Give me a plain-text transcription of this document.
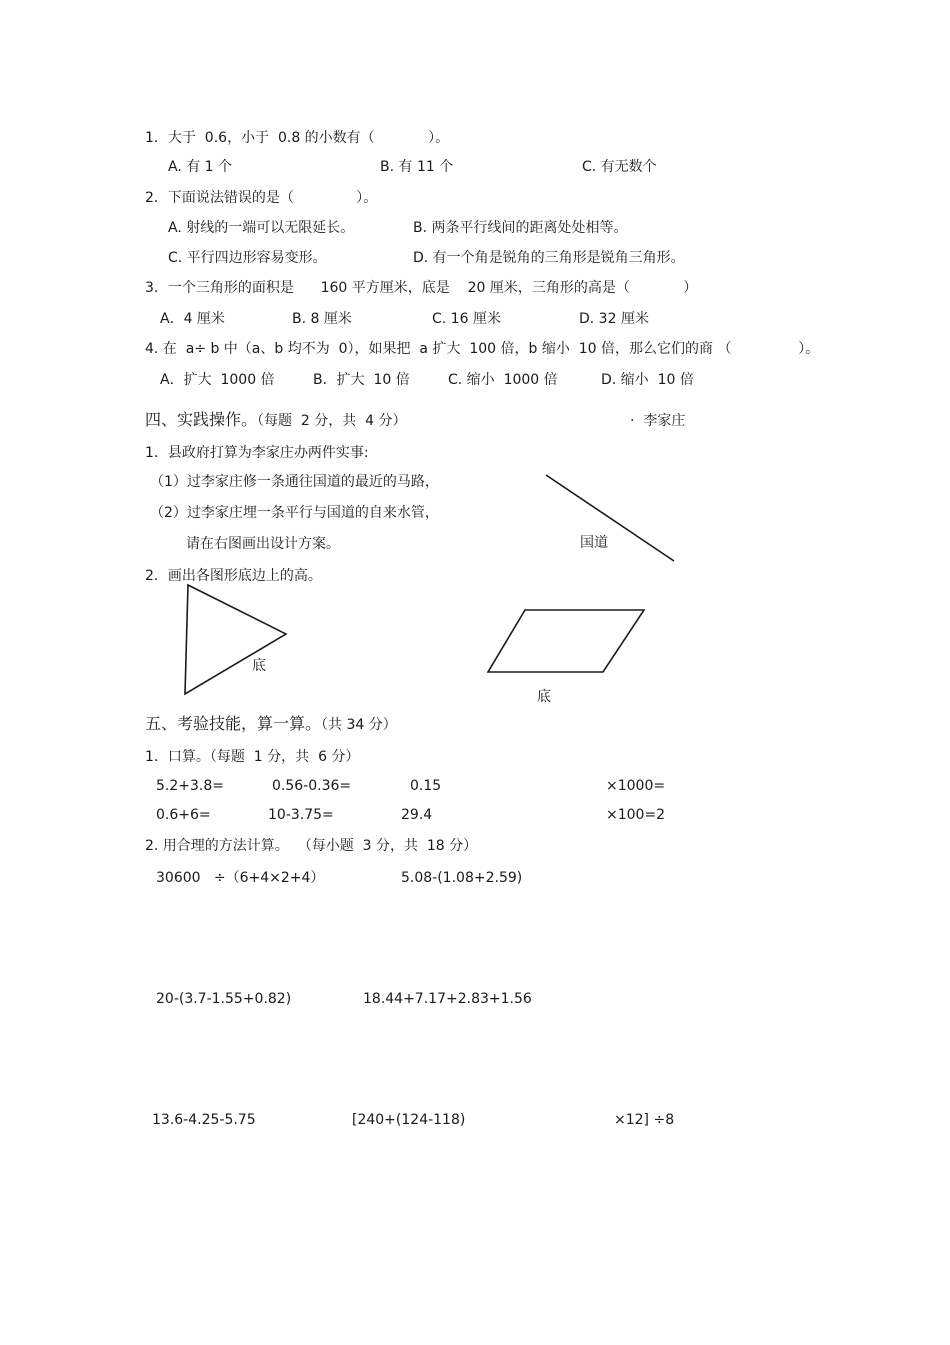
1．大于  0.6，小于  0.8 的小数有（            ）。
A. 有 1 个	B. 有 11 个	C. 有无数个
2．下面说法错误的是（              ）。
A. 射线的一端可以无限延长。	B. 两条平行线间的距离处处相等。
C. 平行四边形容易变形。	D. 有一个角是锐角的三角形是锐角三角形。
3．一个三角形的面积是      160 平方厘米，底是    20 厘米，三角形的高是（            ）
A．4 厘米	B. 8 厘米	C. 16 厘米	D. 32 厘米
4. 在  a÷ b 中（a、b 均不为  0），如果把  a 扩大  100 倍，b 缩小  10 倍，那么它们的商 （               ）。
A．扩大  1000 倍	B．扩大  10 倍	C. 缩小  1000 倍	D. 缩小  10 倍
四、实践操作。（每题  2 分，共  4 分）	·  李家庄
1．县政府打算为李家庄办两件实事:
（1）过李家庄修一条通往国道的最近的马路，
（2）过李家庄埋一条平行与国道的自来水管，
请在右图画出设计方案。	国道
2．画出各图形底边上的高。
底
底
五、考验技能，算一算。（共 34 分）
1．口算。（每题  1 分，共  6 分）
5.2+3.8=	0.56-0.36=	0.15	×1000=
0.6+6=	10-3.75=	29.4	×100=2
2. 用合理的方法计算。  （每小题  3 分，共  18 分）
30600   ÷（6+4×2+4）	5.08-(1.08+2.59)
20-(3.7-1.55+0.82)	18.44+7.17+2.83+1.56
13.6-4.25-5.75	[240+(124-118)	×12] ÷8
